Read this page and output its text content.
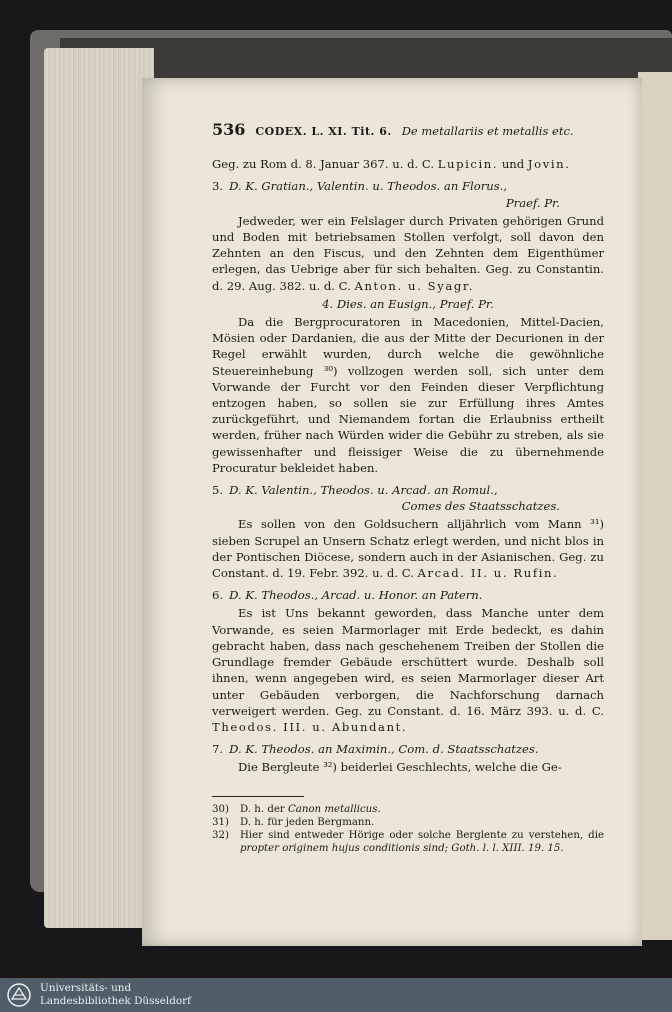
536 CODEX. L. XI. Tit. 6. De metallariis et metallis etc.

Geg. zu Rom d. 8. Januar 367. u. d. C. Lupicin. und Jovin.

3. D. K. Gratian., Valentin. u. Theodos. an Florus.,
Praef. Pr.

Jedweder, wer ein Felslager durch Privaten gehörigen Grund und Boden mit betriebsamen Stollen verfolgt, soll davon den Zehnten an den Fiscus, und den Zehnten dem Eigenthümer erlegen, das Uebrige aber für sich behalten. Geg. zu Constantin. d. 29. Aug. 382. u. d. C. Anton. u. Syagr.

4. Dies. an Eusign., Praef. Pr.

Da die Bergprocuratoren in Macedonien, Mittel-Dacien, Mösien oder Dardanien, die aus der Mitte der Decurionen in der Regel erwählt wurden, durch welche die gewöhnliche Steuereinhebung ³⁰) vollzogen werden soll, sich unter dem Vorwande der Furcht vor den Feinden dieser Verpflichtung entzogen haben, so sollen sie zur Erfüllung ihres Amtes zurückgeführt, und Niemandem fortan die Erlaubniss ertheilt werden, früher nach Würden wider die Gebühr zu streben, als sie gewissenhafter und fleissiger Weise die zu übernehmende Procuratur bekleidet haben.

5. D. K. Valentin., Theodos. u. Arcad. an Romul.,
Comes des Staatsschatzes.

Es sollen von den Goldsuchern alljährlich vom Mann ³¹) sieben Scrupel an Unsern Schatz erlegt werden, und nicht blos in der Pontischen Diöcese, sondern auch in der Asianischen. Geg. zu Constant. d. 19. Febr. 392. u. d. C. Arcad. II. u. Rufin.

6. D. K. Theodos., Arcad. u. Honor. an Patern.

Es ist Uns bekannt geworden, dass Manche unter dem Vorwande, es seien Marmorlager mit Erde bedeckt, es dahin gebracht haben, dass nach geschehenem Treiben der Stollen die Grundlage fremder Gebäude erschüttert wurde. Deshalb soll ihnen, wenn angegeben wird, es seien Marmorlager dieser Art unter Gebäuden verborgen, die Nachforschung darnach verweigert werden. Geg. zu Constant. d. 16. März 393. u. d. C. Theodos. III. u. Abundant.

7. D. K. Theodos. an Maximin., Com. d. Staatsschatzes.

Die Bergleute ³²) beiderlei Geschlechts, welche die Ge-

30)	D. h. der Canon metallicus.
31)	D. h. für jeden Bergmann.
32)	Hier sind entweder Hörige oder solche Berglente zu verstehen, die propter originem hujus conditionis sind; Goth. l. l. XIII. 19. 15.
Universitäts- und
Landesbibliothek Düsseldorf
